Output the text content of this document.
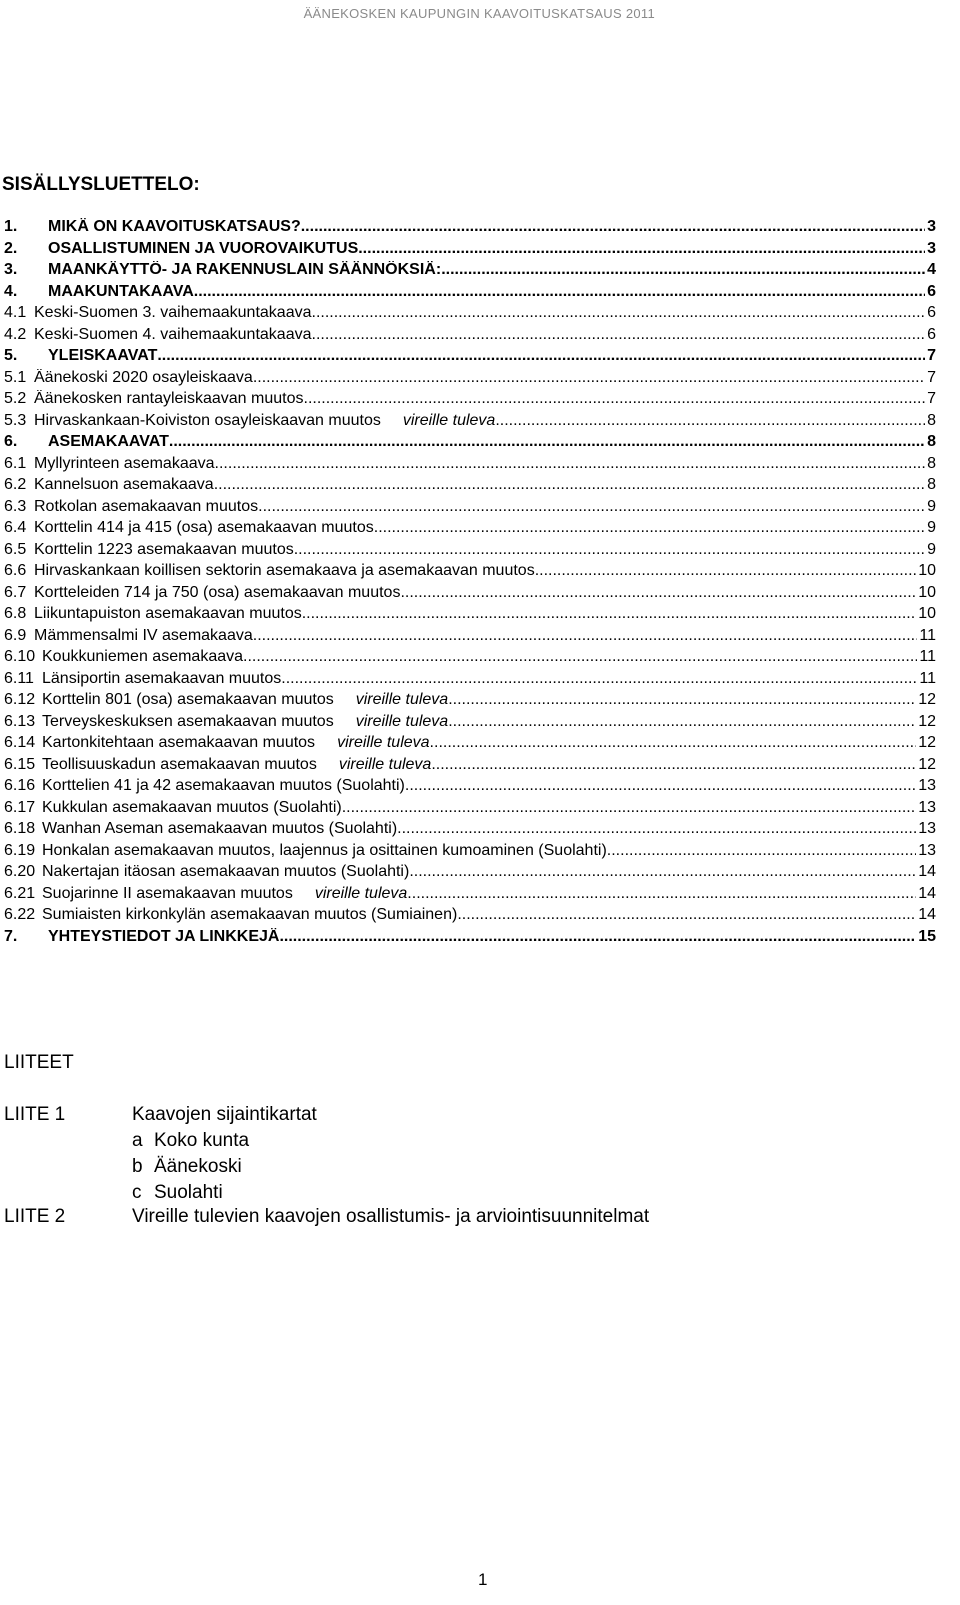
ÄÄNEKOSKEN KAUPUNGIN KAAVOITUSKATSAUS 2011
SISÄLLYSLUETTELO:
1.	MIKÄ ON KAAVOITUSKATSAUS? .....	3
2.	OSALLISTUMINEN JA VUOROVAIKUTUS .....	3
3.	MAANKÄYTTÖ- JA RAKENNUSLAIN SÄÄNNÖKSIÄ: .....	4
4.	MAAKUNTAKAAVA .....	6
4.1 Keski-Suomen 3. vaihemaakuntakaava .....	6
4.2 Keski-Suomen 4. vaihemaakuntakaava .....	6
5.	YLEISKAAVAT .....	7
5.1 Äänekoski 2020 osayleiskaava .....	7
5.2 Äänekosken rantayleiskaavan muutos .....	7
5.3 Hirvaskankaan-Koiviston osayleiskaavan muutos vireille tuleva .....	8
6.	ASEMAKAAVAT .....	8
6.1 Myllyrinteen asemakaava .....	8
6.2 Kannelsuon asemakaava .....	8
6.3 Rotkolan asemakaavan muutos .....	9
6.4 Korttelin 414 ja 415 (osa) asemakaavan muutos .....	9
6.5 Korttelin 1223 asemakaavan muutos .....	9
6.6 Hirvaskankaan koillisen sektorin asemakaava ja asemakaavan muutos .....	10
6.7 Kortteleiden 714 ja 750 (osa) asemakaavan muutos .....	10
6.8 Liikuntapuiston asemakaavan muutos .....	10
6.9 Mämmensalmi IV asemakaava .....	11
6.10 Koukkuniemen asemakaava .....	11
6.11 Länsiportin asemakaavan muutos .....	11
6.12 Korttelin 801 (osa) asemakaavan muutos vireille tuleva .....	12
6.13 Terveyskeskuksen asemakaavan muutos vireille tuleva .....	12
6.14 Kartonkitehtaan asemakaavan muutos vireille tuleva .....	12
6.15 Teollisuuskadun asemakaavan muutos vireille tuleva .....	12
6.16 Korttelien 41 ja 42 asemakaavan muutos (Suolahti) .....	13
6.17 Kukkulan asemakaavan muutos (Suolahti) .....	13
6.18 Wanhan Aseman asemakaavan muutos (Suolahti) .....	13
6.19 Honkalan asemakaavan muutos, laajennus ja osittainen kumoaminen (Suolahti) .....	13
6.20 Nakertajan itäosan asemakaavan muutos (Suolahti) .....	14
6.21 Suojarinne II asemakaavan muutos vireille tuleva .....	14
6.22 Sumiaisten kirkonkylän asemakaavan muutos (Sumiainen) .....	14
7.	YHTEYSTIEDOT JA LINKKEJÄ .....	15
LIITEET
LIITE 1	Kaavojen sijaintikartat
a Koko kunta
b Äänekoski
c Suolahti
LIITE 2	Vireille tulevien kaavojen osallistumis- ja arviointisuunnitelmat
1
